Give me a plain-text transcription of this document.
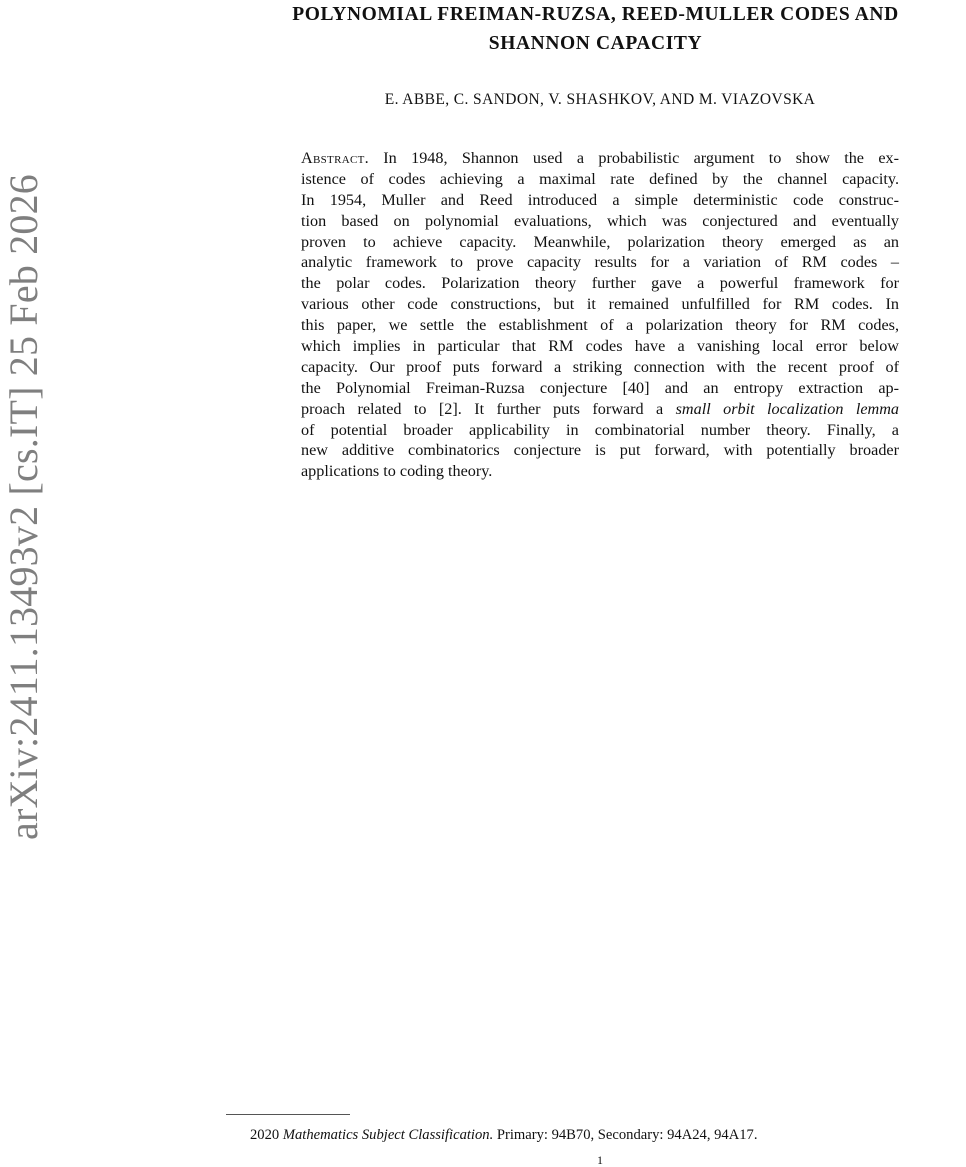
arXiv:2411.13493v2 [cs.IT] 25 Feb 2026
POLYNOMIAL FREIMAN-RUZSA, REED-MULLER CODES AND
SHANNON CAPACITY
E. ABBE, C. SANDON, V. SHASHKOV, AND M. VIAZOVSKA
Abstract. In 1948, Shannon used a probabilistic argument to show the ex-
istence of codes achieving a maximal rate defined by the channel capacity.
In 1954, Muller and Reed introduced a simple deterministic code construc-
tion based on polynomial evaluations, which was conjectured and eventually
proven to achieve capacity. Meanwhile, polarization theory emerged as an
analytic framework to prove capacity results for a variation of RM codes –
the polar codes. Polarization theory further gave a powerful framework for
various other code constructions, but it remained unfulfilled for RM codes. In
this paper, we settle the establishment of a polarization theory for RM codes,
which implies in particular that RM codes have a vanishing local error below
capacity. Our proof puts forward a striking connection with the recent proof of
the Polynomial Freiman-Ruzsa conjecture [40] and an entropy extraction ap-
proach related to [2]. It further puts forward a small orbit localization lemma
of potential broader applicability in combinatorial number theory. Finally, a
new additive combinatorics conjecture is put forward, with potentially broader
applications to coding theory.
2020 Mathematics Subject Classification. Primary: 94B70, Secondary: 94A24, 94A17.
1
